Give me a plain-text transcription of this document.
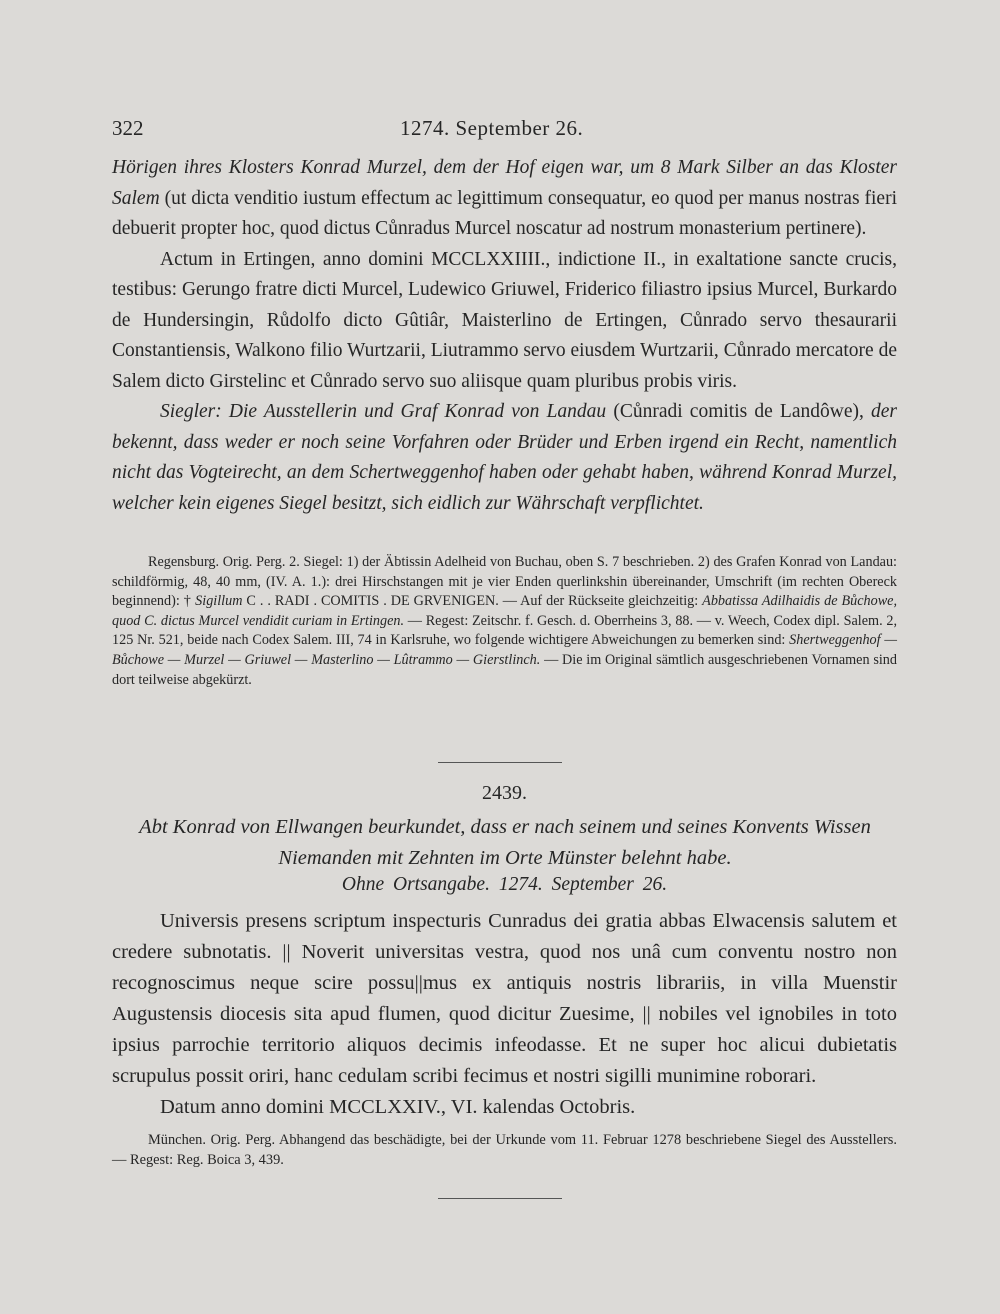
322	1274. September 26.

Hörigen ihres Klosters Konrad Murzel, dem der Hof eigen war, um 8 Mark Silber an das Kloster Salem (ut dicta venditio iustum effectum ac legittimum consequatur, eo quod per manus nostras fieri debuerit propter hoc, quod dictus Cůnradus Murcel noscatur ad nostrum monasterium pertinere).

Actum in Ertingen, anno domini MCCLXXIIII., indictione II., in exaltatione sancte crucis, testibus: Gerungo fratre dicti Murcel, Ludewico Griuwel, Friderico filiastro ipsius Murcel, Burkardo de Hundersingin, Růdolfo dicto Gûtiâr, Maisterlino de Ertingen, Cůnrado servo thesaurarii Constantiensis, Walkono filio Wurtzarii, Liutrammo servo eiusdem Wurtzarii, Cůnrado mercatore de Salem dicto Girstelinc et Cůnrado servo suo aliisque quam pluribus probis viris.

Siegler: Die Ausstellerin und Graf Konrad von Landau (Cůnradi comitis de Landôwe), der bekennt, dass weder er noch seine Vorfahren oder Brüder und Erben irgend ein Recht, namentlich nicht das Vogteirecht, an dem Schertweggenhof haben oder gehabt haben, während Konrad Murzel, welcher kein eigenes Siegel besitzt, sich eidlich zur Währschaft verpflichtet.

Regensburg. Orig. Perg. 2. Siegel: 1) der Äbtissin Adelheid von Buchau, oben S. 7 beschrieben. 2) des Grafen Konrad von Landau: schildförmig, 48, 40 mm, (IV. A. 1.): drei Hirschstangen mit je vier Enden querlinkshin übereinander, Umschrift (im rechten Obereck beginnend): † Sigillum C . . RADI . COMITIS . DE GRVENIGEN. — Auf der Rückseite gleichzeitig: Abbatissa Adilhaidis de Bůchowe, quod C. dictus Murcel vendidit curiam in Ertingen. — Regest: Zeitschr. f. Gesch. d. Oberrheins 3, 88. — v. Weech, Codex dipl. Salem. 2, 125 Nr. 521, beide nach Codex Salem. III, 74 in Karlsruhe, wo folgende wichtigere Abweichungen zu bemerken sind: Shertweggenhof — Bůchowe — Murzel — Griuwel — Masterlino — Lûtrammo — Gierstlinch. — Die im Original sämtlich ausgeschriebenen Vornamen sind dort teilweise abgekürzt.

2439.
Abt Konrad von Ellwangen beurkundet, dass er nach seinem und seines Konvents Wissen Niemanden mit Zehnten im Orte Münster belehnt habe.
Ohne Ortsangabe. 1274. September 26.

Universis presens scriptum inspecturis Cunradus dei gratia abbas Elwacensis salutem et credere subnotatis. || Noverit universitas vestra, quod nos unâ cum conventu nostro non recognoscimus neque scire possu||mus ex antiquis nostris librariis, in villa Muenstir Augustensis diocesis sita apud flumen, quod dicitur Zuesime, || nobiles vel ignobiles in toto ipsius parrochie territorio aliquos decimis infeodasse. Et ne super hoc alicui dubietatis scrupulus possit oriri, hanc cedulam scribi fecimus et nostri sigilli munimine roborari.

Datum anno domini MCCLXXIV., VI. kalendas Octobris.

München. Orig. Perg. Abhangend das beschädigte, bei der Urkunde vom 11. Februar 1278 beschriebene Siegel des Ausstellers. — Regest: Reg. Boica 3, 439.
